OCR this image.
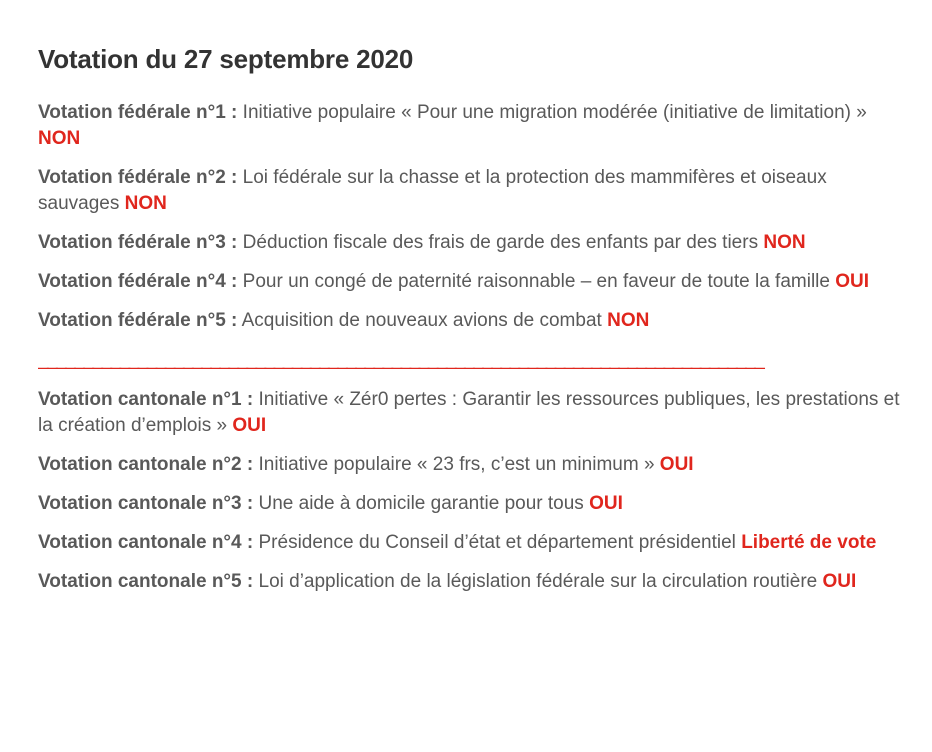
Votation du 27 septembre 2020

Votation fédérale n°1 : Initiative populaire « Pour une migration modérée (initiative de limitation) » NON

Votation fédérale n°2 : Loi fédérale sur la chasse et la protection des mammifères et oiseaux sauvages NON

Votation fédérale n°3 : Déduction fiscale des frais de garde des enfants par des tiers NON

Votation fédérale n°4 : Pour un congé de paternité raisonnable – en faveur de toute la famille OUI

Votation fédérale n°5 : Acquisition de nouveaux avions de combat NON

________________________________________________________________________________

Votation cantonale n°1 : Initiative « Zér0 pertes : Garantir les ressources publiques, les prestations et la création d’emplois » OUI

Votation cantonale n°2 : Initiative populaire « 23 frs, c’est un minimum » OUI

Votation cantonale n°3 : Une aide à domicile garantie pour tous OUI

Votation cantonale n°4 : Présidence du Conseil d’état et département présidentiel Liberté de vote

Votation cantonale n°5 : Loi d’application de la législation fédérale sur la circulation routière OUI
